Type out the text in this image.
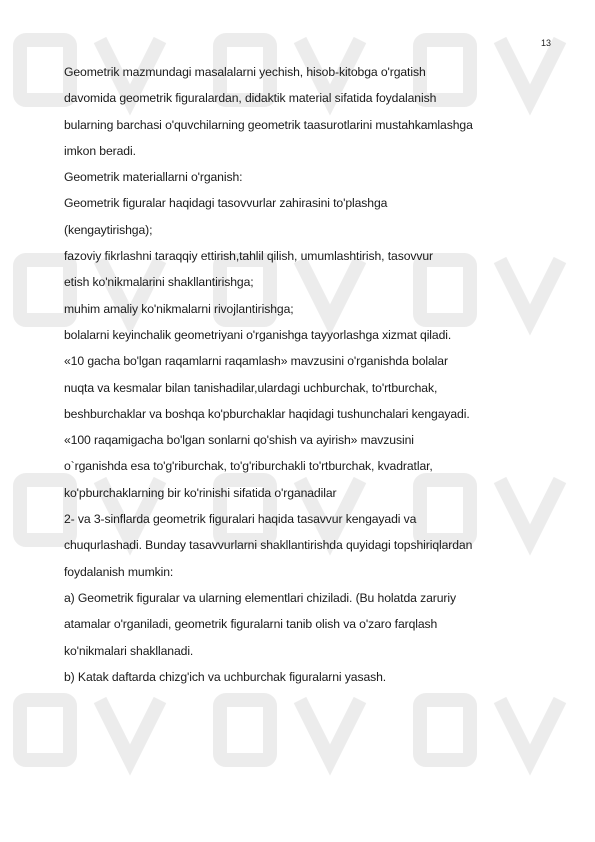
13
Geometrik mazmundagi masalalarni yechish, hisob-kitobga o'rgatish
davomida geometrik figuralardan, didaktik material sifatida foydalanish
bularning barchasi o'quvchilarning geometrik taasurotlarini mustahkamlashga
imkon beradi.
Geometrik materiallarni o'rganish:
Geometrik figuralar haqidagi tasovvurlar zahirasini to'plashga
(kengaytirishga);
fazoviy fikrlashni taraqqiy ettirish,tahlil qilish, umumlashtirish, tasovvur
etish ko'nikmalarini shakllantirishga;
muhim amaliy ko'nikmalarni rivojlantirishga;
bolalarni keyinchalik geometriyani o'rganishga tayyorlashga xizmat qiladi.
«10 gacha bo'lgan raqamlarni raqamlash» mavzusini o'rganishda bolalar
nuqta va kesmalar bilan tanishadilar,ulardagi uchburchak, to'rtburchak,
beshburchaklar va boshqa ko'pburchaklar haqidagi tushunchalari kengayadi.
«100 raqamigacha bo'lgan sonlarni qo'shish va ayirish» mavzusini
o`rganishda esa to'g'riburchak, to'g'riburchakli to'rtburchak, kvadratlar,
ko'pburchaklarning bir ko'rinishi sifatida o'rganadilar
2- va 3-sinflarda geometrik figuralari haqida tasavvur kengayadi va
chuqurlashadi. Bunday tasavvurlarni shakllantirishda quyidagi topshiriqlardan
foydalanish mumkin:
a) Geometrik figuralar va ularning elementlari chiziladi. (Bu holatda zaruriy
atamalar o'rganiladi, geometrik figuralarni tanib olish va o'zaro farqlash
ko'nikmalari shakllanadi.
b) Katak daftarda chizg'ich va uchburchak figuralarni yasash.
